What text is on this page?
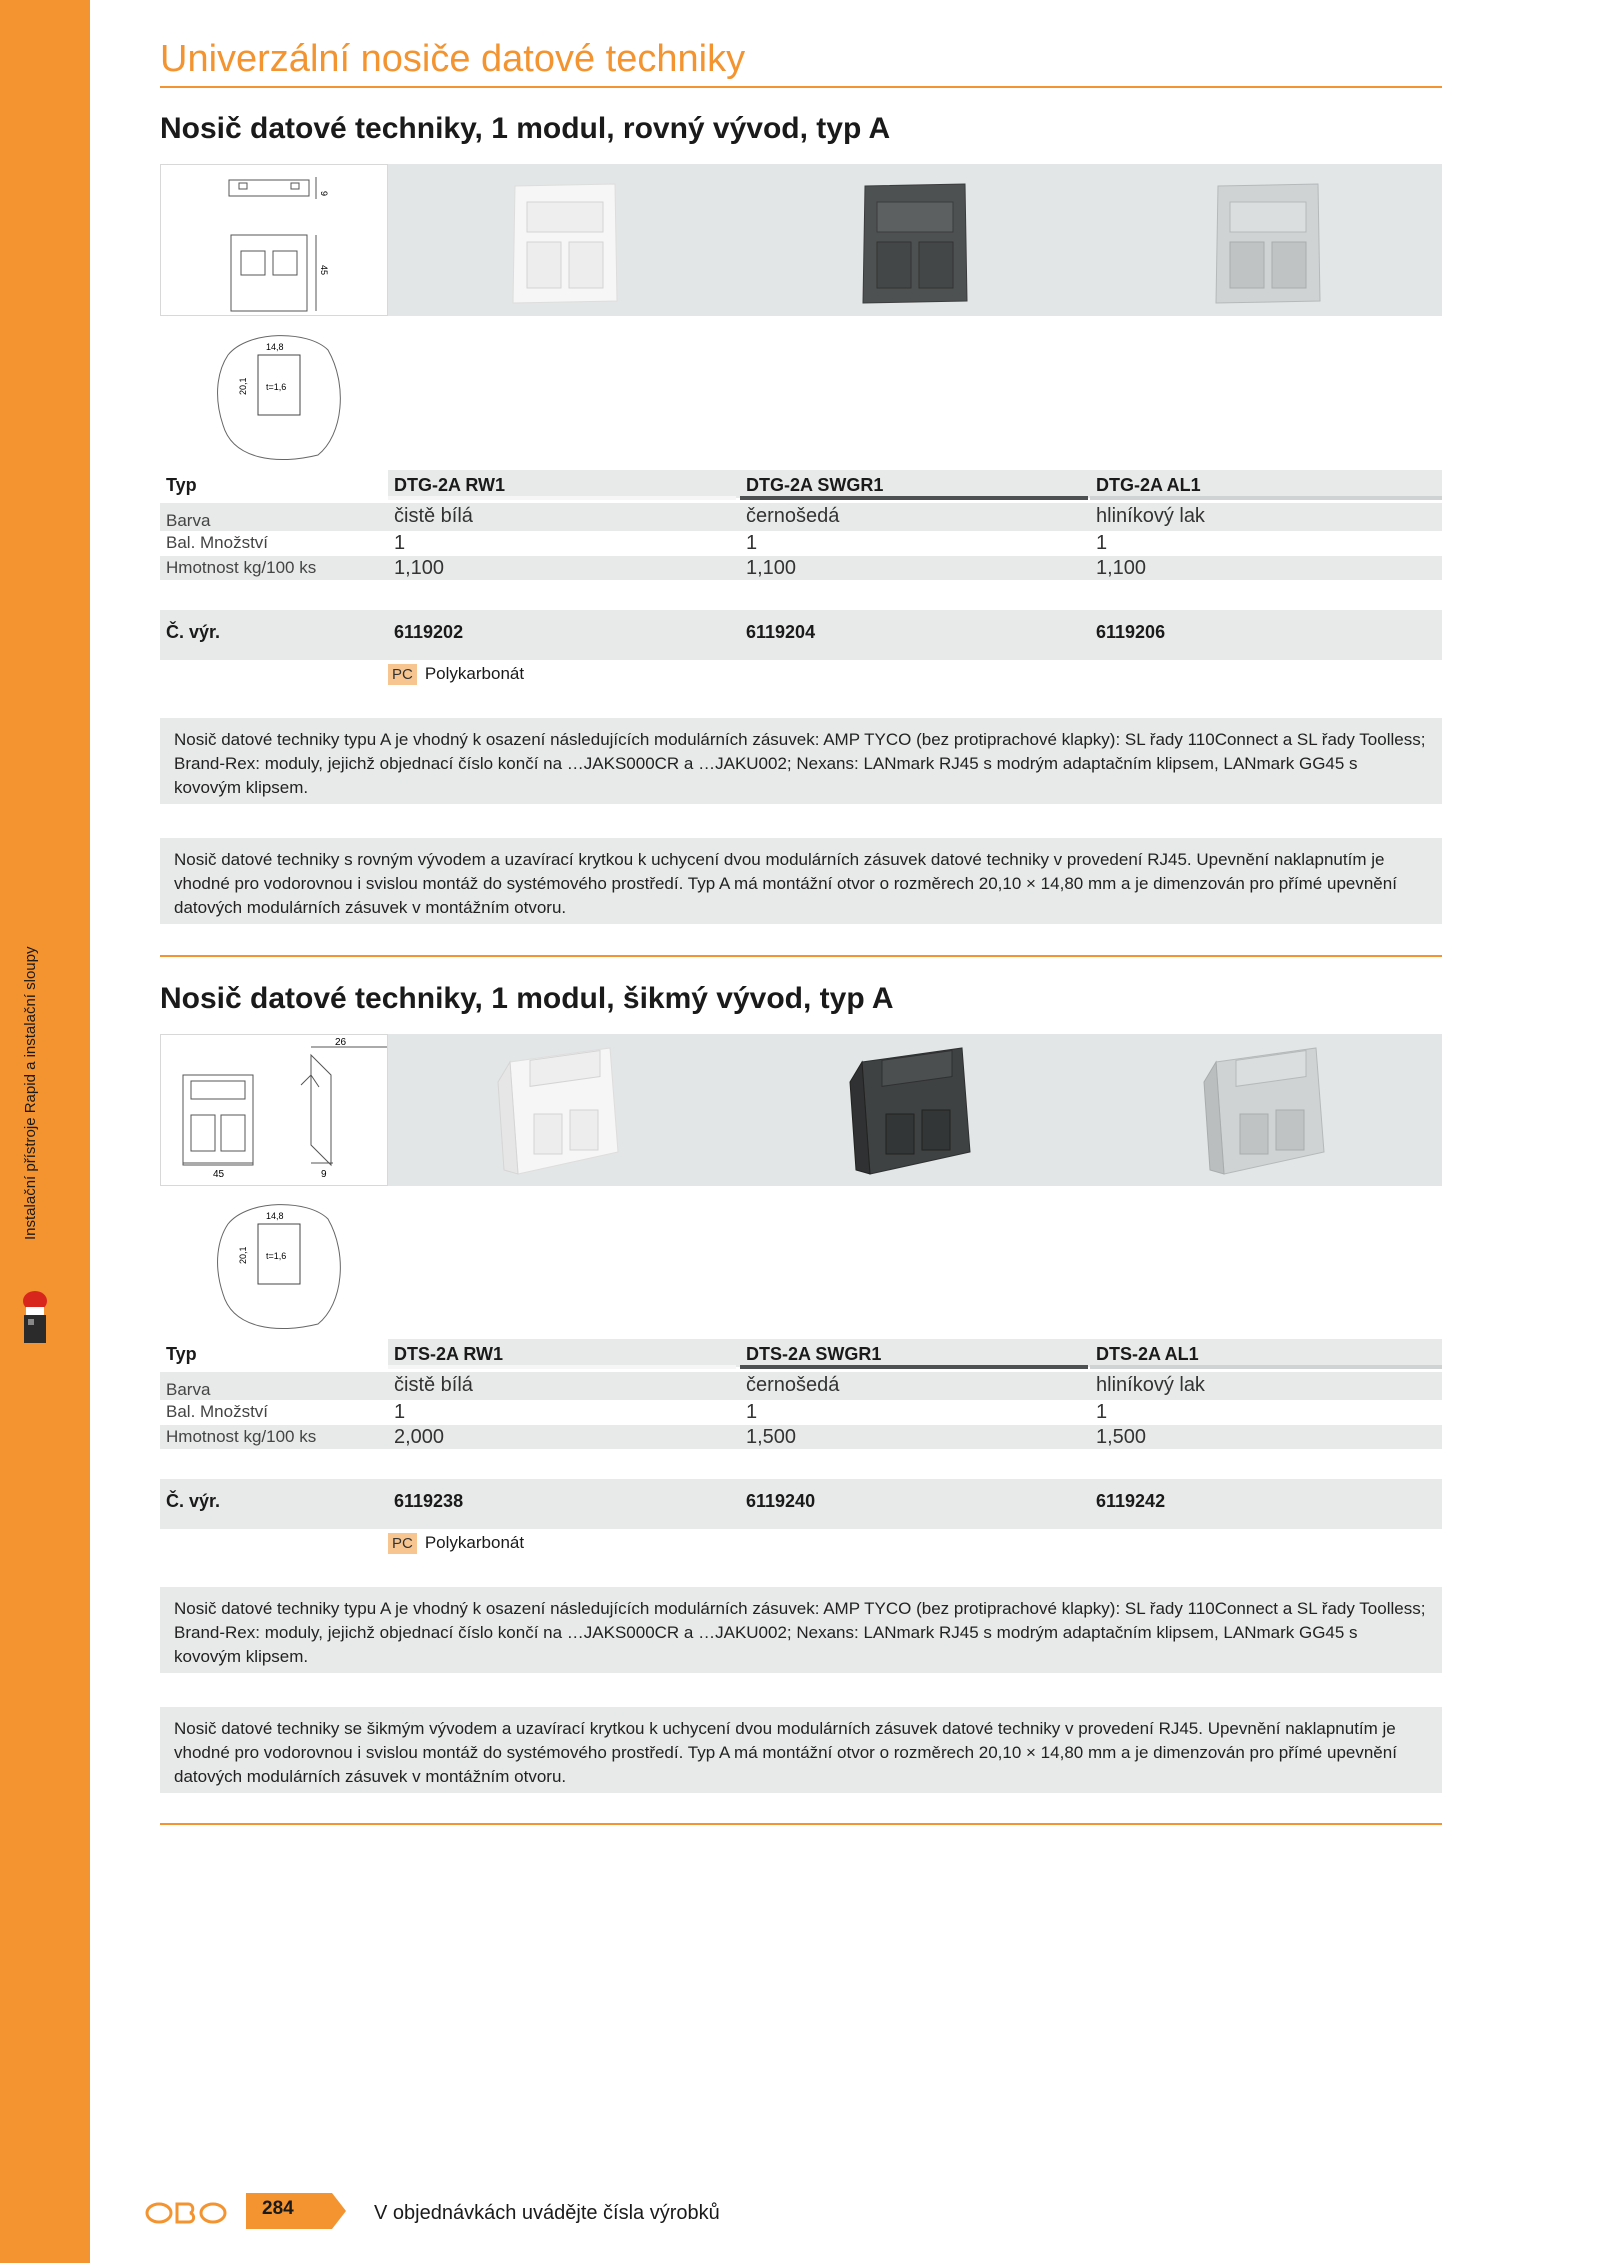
Instalační přístroje Rapid a instalační sloupy
Univerzální nosiče datové techniky
Nosič datové techniky, 1 modul, rovný vývod, typ A
9
45
14,8
20,1 t=1,6
Typ	DTG-2A RW1	DTG-2A SWGR1	DTG-2A AL1
Barva	čistě bílá	černošedá	hliníkový lak
Bal. Množství	1	1	1
Hmotnost kg/100 ks	1,100	1,100	1,100
Č. výr.	6119202	6119204	6119206
PC Polykarbonát
Nosič datové techniky typu A je vhodný k osazení následujících modulárních zásuvek: AMP TYCO (bez protiprachové klapky): SL řady 110Connect a SL řady Toolless; Brand-Rex: moduly, jejichž objednací číslo končí na …JAKS000CR a …JAKU002; Nexans: LANmark RJ45 s modrým adaptačním klipsem, LANmark GG45 s kovovým klipsem.
Nosič datové techniky s rovným vývodem a uzavírací krytkou k uchycení dvou modulárních zásuvek datové techniky v provedení RJ45. Upevnění naklapnutím je vhodné pro vodorovnou i svislou montáž do systémového prostředí. Typ A má montážní otvor o rozměrech 20,10 × 14,80 mm a je dimenzován pro přímé upevnění datových modulárních zásuvek v montážním otvoru.
Nosič datové techniky, 1 modul, šikmý vývod, typ A
45
26
9
14,8
20,1 t=1,6
Typ	DTS-2A RW1	DTS-2A SWGR1	DTS-2A AL1
Barva	čistě bílá	černošedá	hliníkový lak
Bal. Množství	1	1	1
Hmotnost kg/100 ks	2,000	1,500	1,500
Č. výr.	6119238	6119240	6119242
PC Polykarbonát
Nosič datové techniky typu A je vhodný k osazení následujících modulárních zásuvek: AMP TYCO (bez protiprachové klapky): SL řady 110Connect a SL řady Toolless; Brand-Rex: moduly, jejichž objednací číslo končí na …JAKS000CR a …JAKU002; Nexans: LANmark RJ45 s modrým adaptačním klipsem, LANmark GG45 s kovovým klipsem.
Nosič datové techniky se šikmým vývodem a uzavírací krytkou k uchycení dvou modulárních zásuvek datové techniky v provedení RJ45. Upevnění naklapnutím je vhodné pro vodorovnou i svislou montáž do systémového prostředí. Typ A má montážní otvor o rozměrech 20,10 × 14,80 mm a je dimenzován pro přímé upevnění datových modulárních zásuvek v montážním otvoru.
284	V objednávkách uvádějte čísla výrobků
